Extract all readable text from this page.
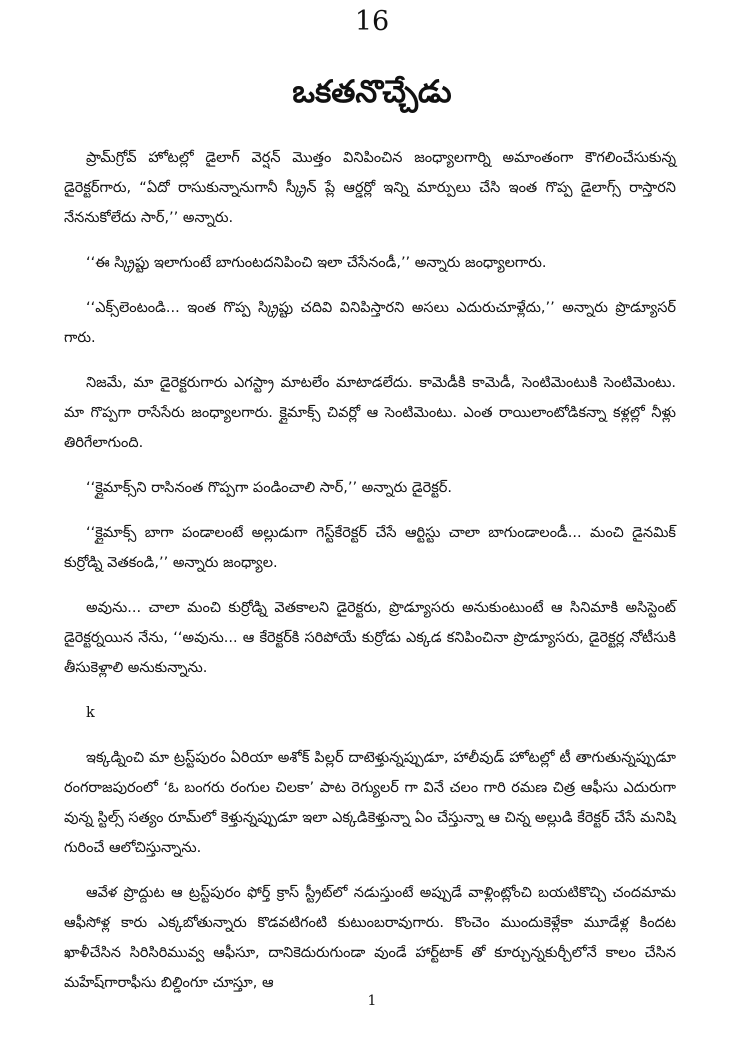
16
ఒకతనొచ్చేడు

ప్రామ్‌గ్రోవ్ హోటల్లో డైలాగ్ వెర్షన్ మొత్తం వినిపించిన జంధ్యాలగార్ని అమాంతంగా కౌగలించేసుకున్న డైరెక్టర్‌గారు, “ఏదో రాసుకున్నానుగానీ స్క్రీన్ ప్లే ఆర్డర్లో ఇన్ని మార్పులు చేసి ఇంత గొప్ప డైలాగ్స్ రాస్తారని నేననుకోలేదు సార్,’’ అన్నారు.

‘‘ఈ స్క్రిప్టు ఇలాగుంటే బాగుంటదనిపించి ఇలా చేసేనండీ,’’ అన్నారు జంధ్యాలగారు.

‘‘ఎక్స్‌లెంటండి... ఇంత గొప్ప స్క్రిప్టు చదివి వినిపిస్తారని అసలు ఎదురుచూళ్లేదు,’’ అన్నారు ప్రొడ్యూసర్ గారు.

నిజమే, మా డైరెక్టరుగారు ఎగస్ట్రా మాటలేం మాటాడలేదు. కామెడీకి కామెడీ, సెంటిమెంటుకి సెంటిమెంటు. మా గొప్పగా రాసేసేరు జంధ్యాలగారు. క్లైమాక్స్ చివర్లో ఆ సెంటిమెంటు. ఎంత రాయిలాంటోడికన్నా కళ్లల్లో నీళ్లు తిరిగేలాగుంది.

‘‘క్లైమాక్స్‌ని రాసినంత గొప్పగా పండించాలి సార్,’’ అన్నారు డైరెక్టర్.

‘‘క్లైమాక్స్ బాగా పండాలంటే అల్లుడుగా గెస్ట్‌కేరెక్టర్ చేసే ఆర్టిస్టు చాలా బాగుండాలండీ... మంచి డైనమిక్ కుర్రోడ్ని వెతకండి,’’ అన్నారు జంధ్యాల.

అవును... చాలా మంచి కుర్రోడ్ని వెతకాలని డైరెక్టరు, ప్రొడ్యూసరు అనుకుంటుంటే ఆ సినిమాకి అసిస్టెంట్ డైరెక్టర్నయిన నేను, ‘‘అవును... ఆ కేరెక్టర్‌కి సరిపోయే కుర్రోడు ఎక్కడ కనిపించినా ప్రొడ్యూసరు, డైరెక్టర్ల నోటీసుకి తీసుకెళ్లాలి అనుకున్నాను.

k

ఇక్కడ్నించి మా ట్రస్ట్‌పురం ఏరియా అశోక్ పిల్లర్ దాటెళ్తున్నప్పుడూ, హాలీవుడ్ హోటల్లో టీ తాగుతున్నప్పుడూ రంగరాజపురంలో ‘ఓ బంగరు రంగుల చిలకా’ పాట రెగ్యులర్ గా వినే చలం గారి రమణ చిత్ర ఆఫీసు ఎదురుగా వున్న స్టిల్స్ సత్యం రూమ్‌లో కెళ్తున్నప్పుడూ ఇలా ఎక్కడికెళ్తున్నా ఏం చేస్తున్నా ఆ చిన్న అల్లుడి కేరెక్టర్ చేసే మనిషి గురించే ఆలోచిస్తున్నాను.

ఆవేళ ప్రొద్దుట ఆ ట్రస్ట్‌పురం ఫోర్త్ క్రాస్ స్ట్రీట్‌లో నడుస్తుంటే అప్పుడే వాళ్లింట్లోంచి బయటికొచ్చి చందమామ ఆఫీసోళ్ల కారు ఎక్కబోతున్నారు కొడవటిగంటి కుటుంబరావుగారు. కొంచెం ముందుకెళ్లేకా మూడేళ్ల కిందట ఖాళీచేసిన సిరిసిరిమువ్వ ఆఫీసూ, దానికెదురుగుండా వుండే హార్ట్‌టాక్ తో కూర్చున్నకుర్చీలోనే కాలం చేసిన మహేష్‌గారాఫీసు బిల్డింగూ చూస్తూ, ఆ

1
